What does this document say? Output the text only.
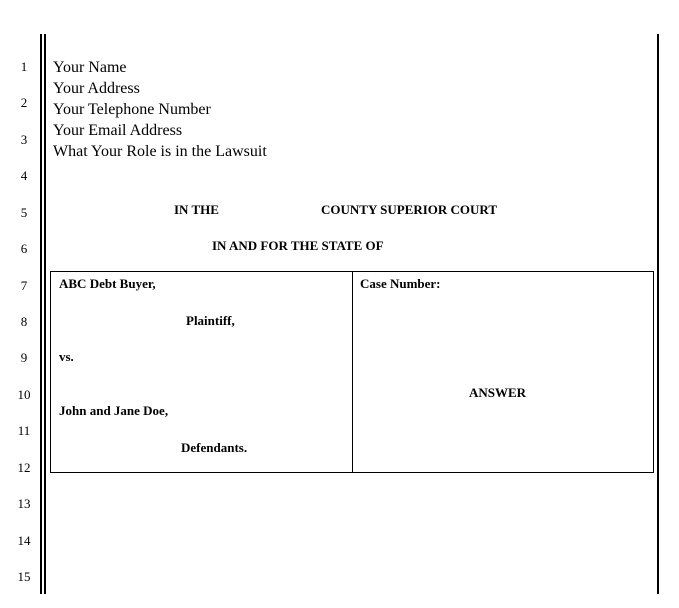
1
2
3
4
5
6
7
8
9
10
11
12
13
14
15
Your Name
Your Address
Your Telephone Number
Your Email Address
What Your Role is in the Lawsuit
IN THE	COUNTY SUPERIOR COURT
IN AND FOR THE STATE OF
ABC Debt Buyer,
Plaintiff,
vs.
John and Jane Doe,
Defendants.
Case Number:
ANSWER
